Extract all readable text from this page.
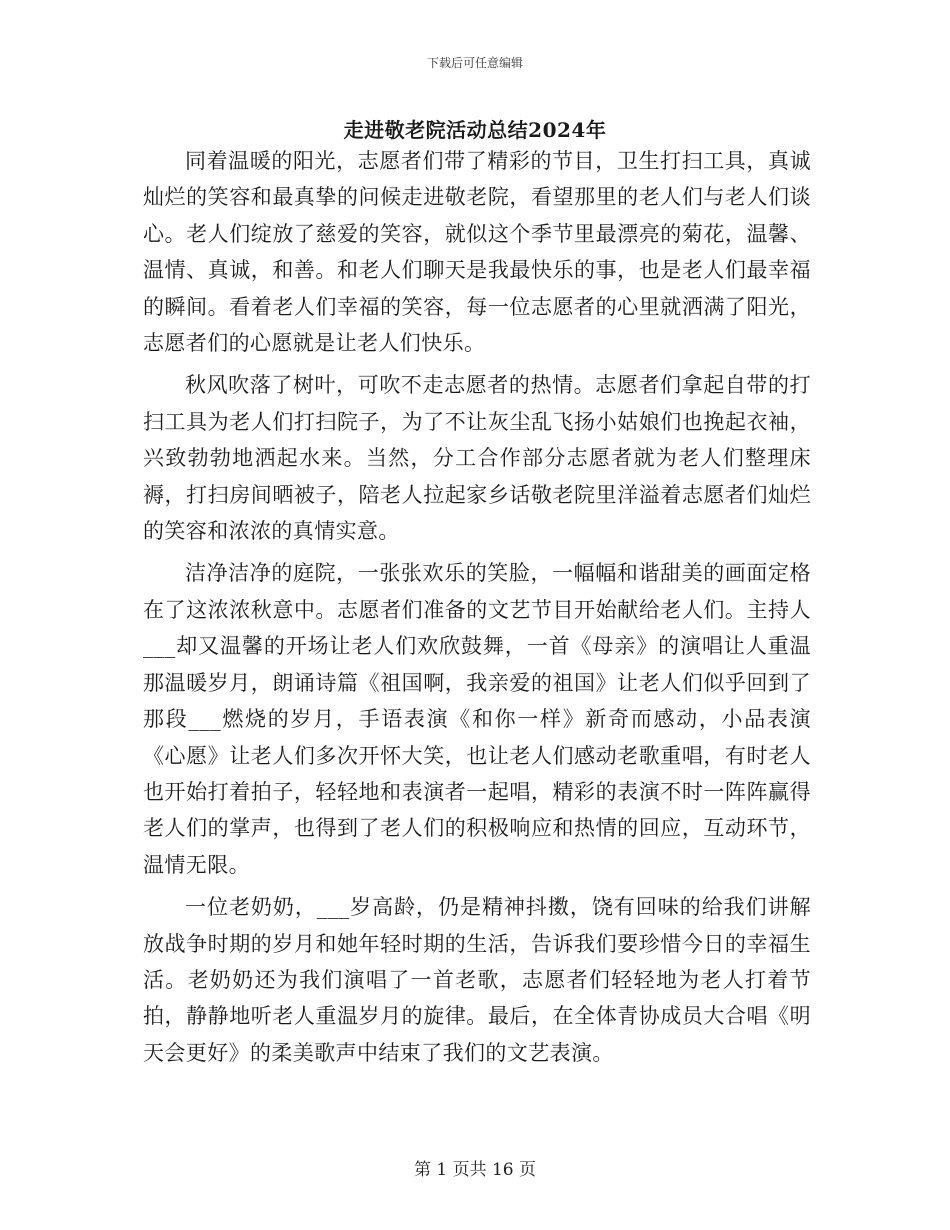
下载后可任意编辑
走进敬老院活动总结2024年

同着温暖的阳光，志愿者们带了精彩的节目，卫生打扫工具，真诚灿烂的笑容和最真挚的问候走进敬老院，看望那里的老人们与老人们谈心。老人们绽放了慈爱的笑容，就似这个季节里最漂亮的菊花，温馨、温情、真诚，和善。和老人们聊天是我最快乐的事，也是老人们最幸福的瞬间。看着老人们幸福的笑容，每一位志愿者的心里就洒满了阳光，志愿者们的心愿就是让老人们快乐。

秋风吹落了树叶，可吹不走志愿者的热情。志愿者们拿起自带的打扫工具为老人们打扫院子，为了不让灰尘乱飞扬小姑娘们也挽起衣袖，兴致勃勃地洒起水来。当然，分工合作部分志愿者就为老人们整理床褥，打扫房间晒被子，陪老人拉起家乡话敬老院里洋溢着志愿者们灿烂的笑容和浓浓的真情实意。

洁净洁净的庭院，一张张欢乐的笑脸，一幅幅和谐甜美的画面定格在了这浓浓秋意中。志愿者们准备的文艺节目开始献给老人们。主持人___却又温馨的开场让老人们欢欣鼓舞，一首《母亲》的演唱让人重温那温暖岁月，朗诵诗篇《祖国啊，我亲爱的祖国》让老人们似乎回到了那段___燃烧的岁月，手语表演《和你一样》新奇而感动，小品表演《心愿》让老人们多次开怀大笑，也让老人们感动老歌重唱，有时老人也开始打着拍子，轻轻地和表演者一起唱，精彩的表演不时一阵阵赢得老人们的掌声，也得到了老人们的积极响应和热情的回应，互动环节，温情无限。

一位老奶奶，___岁高龄，仍是精神抖擞，饶有回味的给我们讲解放战争时期的岁月和她年轻时期的生活，告诉我们要珍惜今日的幸福生活。老奶奶还为我们演唱了一首老歌，志愿者们轻轻地为老人打着节拍，静静地听老人重温岁月的旋律。最后，在全体青协成员大合唱《明天会更好》的柔美歌声中结束了我们的文艺表演。

第 1 页共 16 页
